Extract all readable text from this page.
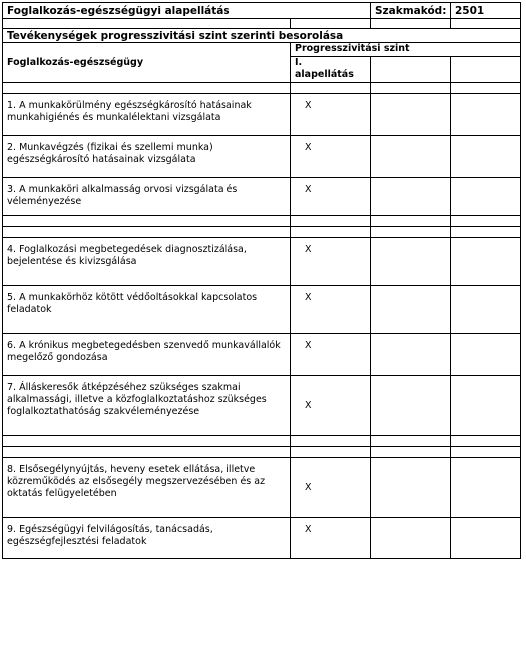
Foglalkozás-egészségügyi alapellátás		Szakmakód:	2501

Tevékenységek progresszivitási szint szerinti besorolása			
Foglalkozás-egészségügy	Progresszivitási szint		
	I.
alapellátás		

1. A munkakörülmény egészségkárosító hatásainak munkahigiénés és munkalélektani vizsgálata	X		
2. Munkavégzés (fizikai és szellemi munka) egészségkárosító hatásainak vizsgálata	X		
3. A munkaköri alkalmasság orvosi vizsgálata és véleményezése	X		

4. Foglalkozási megbetegedések diagnosztizálása, bejelentése és kivizsgálása	X		
5. A munkakörhöz kötött védőoltásokkal kapcsolatos feladatok	X		
6. A krónikus megbetegedésben szenvedő munkavállalók megelőző gondozása	X		
7. Álláskeresők átképzéséhez szükséges szakmai alkalmassági, illetve a közfoglalkoztatáshoz szükséges foglalkoztathatóság szakvéleményezése	X		

8. Elsősegélynyújtás, heveny esetek ellátása, illetve közreműködés az elsősegély megszervezésében és az oktatás felügyeletében	X		
9. Egészségügyi felvilágosítás, tanácsadás, egészségfejlesztési feladatok	X		
